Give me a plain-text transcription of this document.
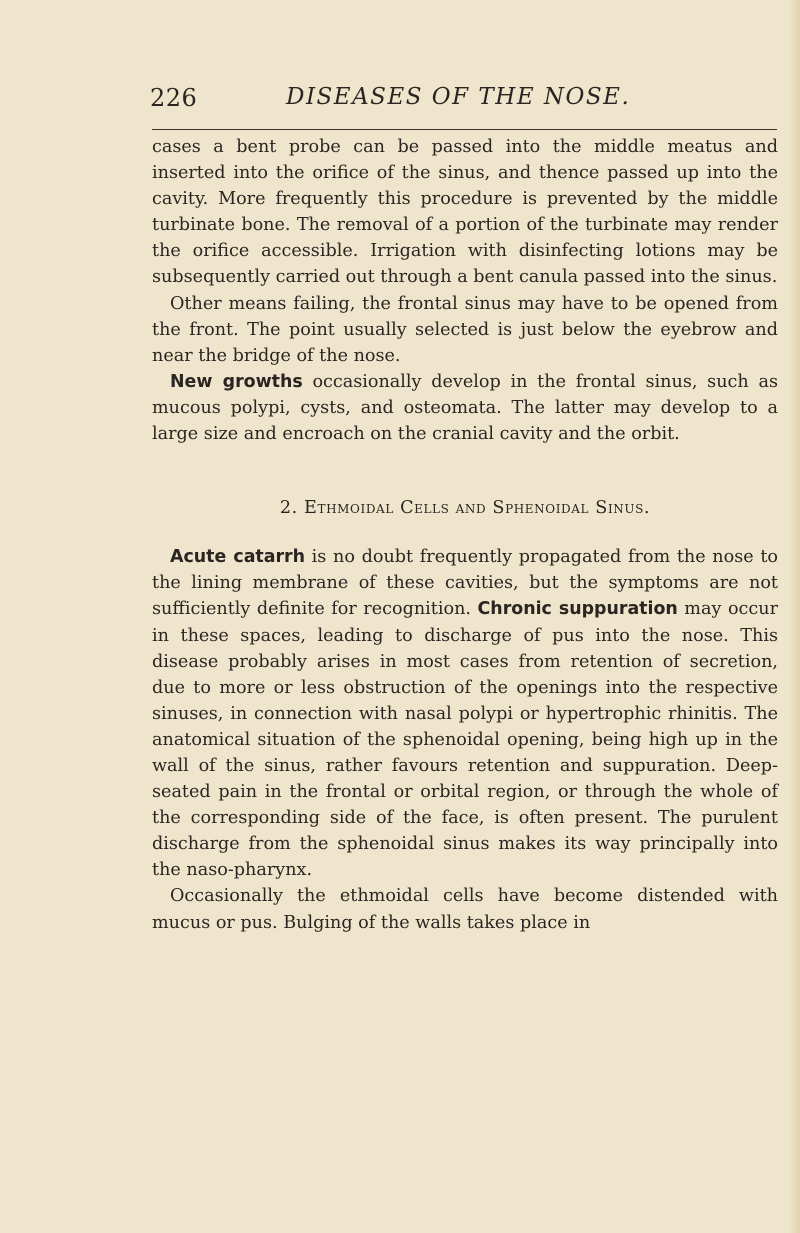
226	DISEASES OF THE NOSE.

cases a bent probe can be passed into the middle meatus and inserted into the orifice of the sinus, and thence passed up into the cavity. More frequently this procedure is prevented by the middle turbinate bone. The removal of a portion of the turbinate may render the orifice accessible. Irrigation with disinfecting lotions may be subsequently carried out through a bent canula passed into the sinus.

Other means failing, the frontal sinus may have to be opened from the front. The point usually selected is just below the eyebrow and near the bridge of the nose.

New growths occasionally develop in the frontal sinus, such as mucous polypi, cysts, and osteomata. The latter may develop to a large size and encroach on the cranial cavity and the orbit.

2. Ethmoidal Cells and Sphenoidal Sinus.

Acute catarrh is no doubt frequently propagated from the nose to the lining membrane of these cavities, but the symptoms are not sufficiently definite for recognition. Chronic suppuration may occur in these spaces, leading to discharge of pus into the nose. This disease probably arises in most cases from retention of secretion, due to more or less obstruction of the openings into the respective sinuses, in connection with nasal polypi or hypertrophic rhinitis. The anatomical situation of the sphenoidal opening, being high up in the wall of the sinus, rather favours retention and suppuration. Deep-seated pain in the frontal or orbital region, or through the whole of the corresponding side of the face, is often present. The purulent discharge from the sphenoidal sinus makes its way principally into the naso-pharynx.

Occasionally the ethmoidal cells have become distended with mucus or pus. Bulging of the walls takes place in
